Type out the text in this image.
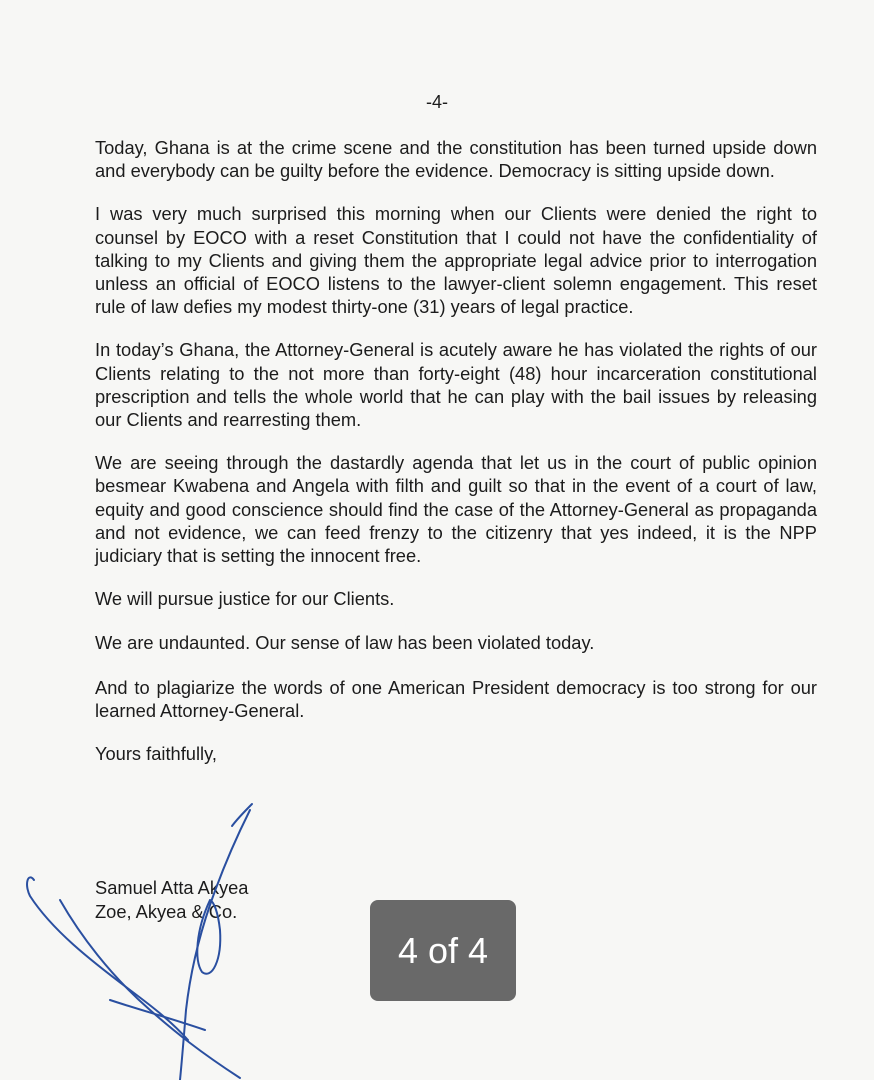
-4-

Today, Ghana is at the crime scene and the constitution has been turned upside down and everybody can be guilty before the evidence. Democracy is sitting upside down.

I was very much surprised this morning when our Clients were denied the right to counsel by EOCO with a reset Constitution that I could not have the confidentiality of talking to my Clients and giving them the appropriate legal advice prior to interrogation unless an official of EOCO listens to the lawyer-client solemn engagement. This reset rule of law defies my modest thirty-one (31) years of legal practice.

In today’s Ghana, the Attorney-General is acutely aware he has violated the rights of our Clients relating to the not more than forty-eight (48) hour incarceration constitutional prescription and tells the whole world that he can play with the bail issues by releasing our Clients and rearresting them.

We are seeing through the dastardly agenda that let us in the court of public opinion besmear Kwabena and Angela with filth and guilt so that in the event of a court of law, equity and good conscience should find the case of the Attorney-General as propaganda and not evidence, we can feed frenzy to the citizenry that yes indeed, it is the NPP judiciary that is setting the innocent free.

We will pursue justice for our Clients.

We are undaunted. Our sense of law has been violated today.

And to plagiarize the words of one American President democracy is too strong for our learned Attorney-General.

Yours faithfully,

Samuel Atta Akyea
Zoe, Akyea & Co.
4 of 4
